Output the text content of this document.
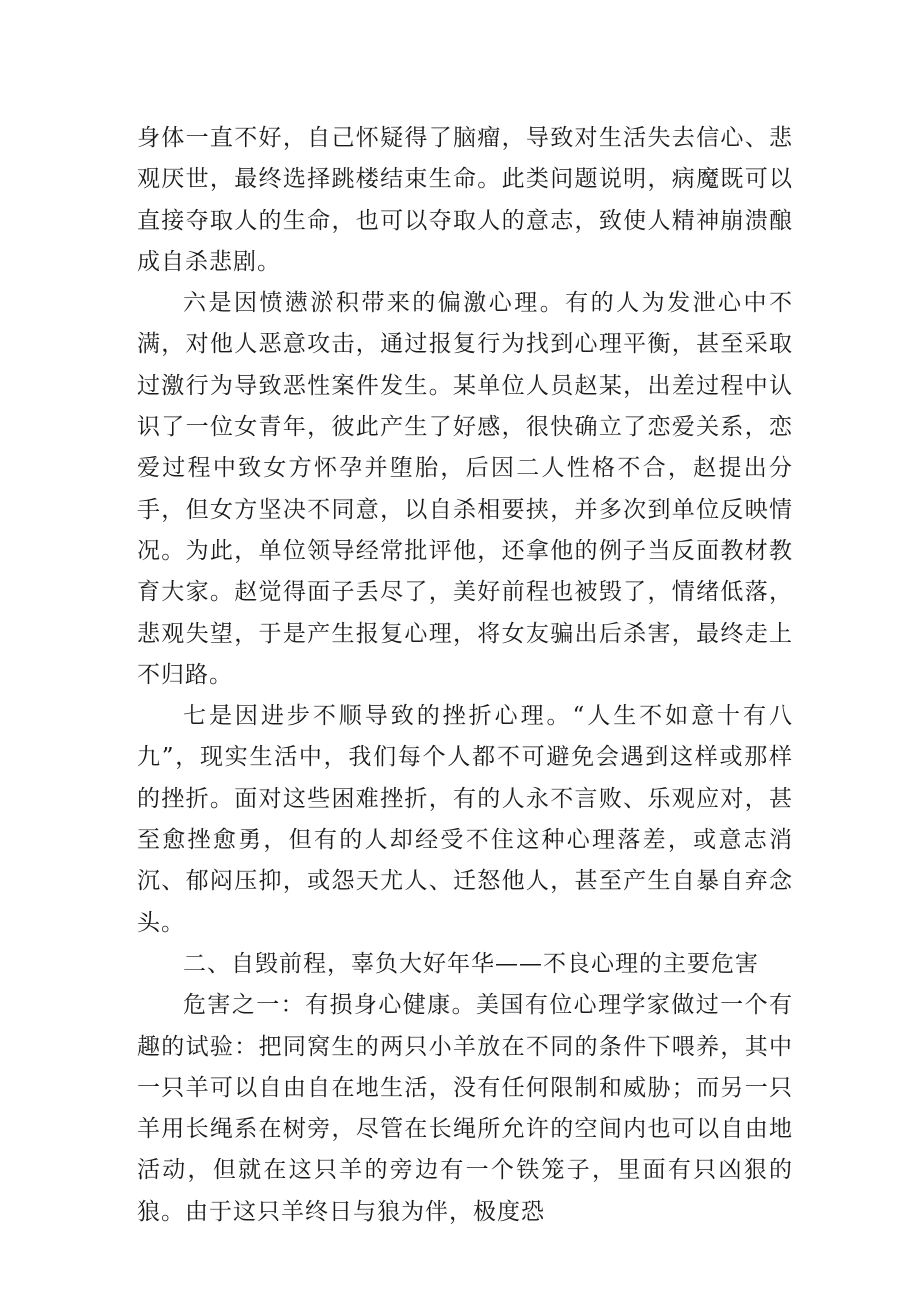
身体一直不好，自己怀疑得了脑瘤，导致对生活失去信心、悲观厌世，最终选择跳楼结束生命。此类问题说明，病魔既可以直接夺取人的生命，也可以夺取人的意志，致使人精神崩溃酿成自杀悲剧。

六是因愤懑淤积带来的偏激心理。有的人为发泄心中不满，对他人恶意攻击，通过报复行为找到心理平衡，甚至采取过激行为导致恶性案件发生。某单位人员赵某，出差过程中认识了一位女青年，彼此产生了好感，很快确立了恋爱关系，恋爱过程中致女方怀孕并堕胎，后因二人性格不合，赵提出分手，但女方坚决不同意，以自杀相要挟，并多次到单位反映情况。为此，单位领导经常批评他，还拿他的例子当反面教材教育大家。赵觉得面子丢尽了，美好前程也被毁了，情绪低落，悲观失望，于是产生报复心理，将女友骗出后杀害，最终走上不归路。

七是因进步不顺导致的挫折心理。“人生不如意十有八九”，现实生活中，我们每个人都不可避免会遇到这样或那样的挫折。面对这些困难挫折，有的人永不言败、乐观应对，甚至愈挫愈勇，但有的人却经受不住这种心理落差，或意志消沉、郁闷压抑，或怨天尤人、迁怒他人，甚至产生自暴自弃念头。

二、自毁前程，辜负大好年华——不良心理的主要危害

危害之一：有损身心健康。美国有位心理学家做过一个有趣的试验：把同窝生的两只小羊放在不同的条件下喂养，其中一只羊可以自由自在地生活，没有任何限制和威胁；而另一只羊用长绳系在树旁，尽管在长绳所允许的空间内也可以自由地活动，但就在这只羊的旁边有一个铁笼子，里面有只凶狠的狼。由于这只羊终日与狼为伴，极度恐
